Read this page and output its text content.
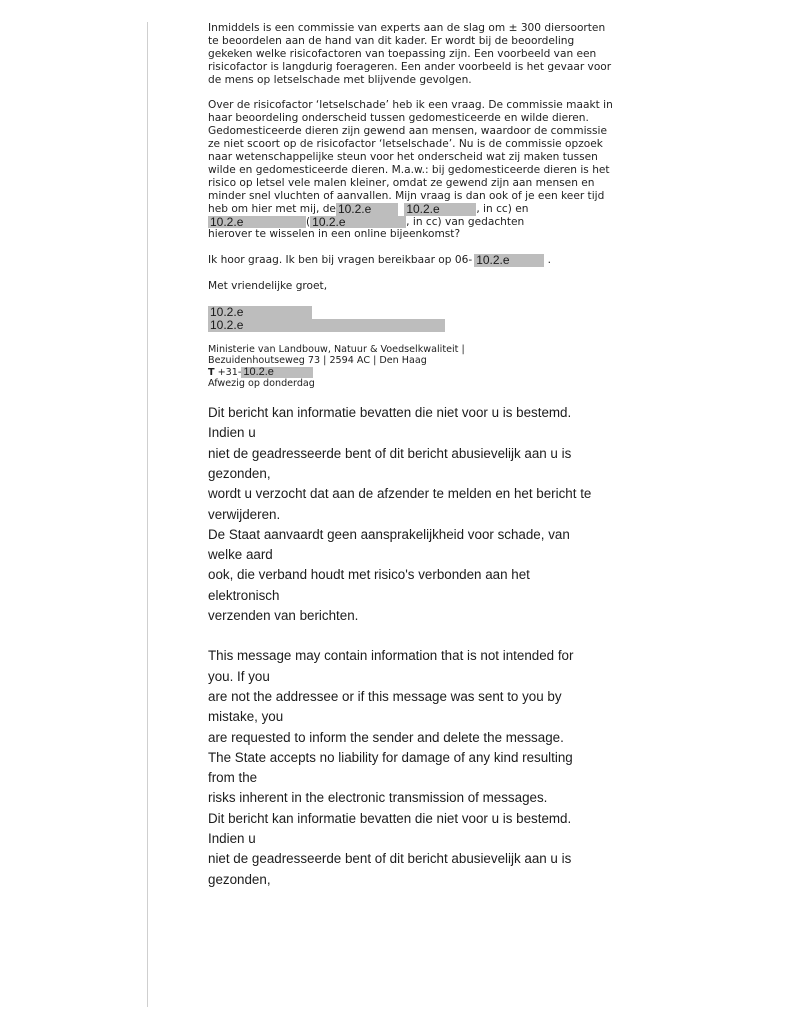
Inmiddels is een commissie van experts aan de slag om ± 300 diersoorten te beoordelen aan de hand van dit kader. Er wordt bij de beoordeling gekeken welke risicofactoren van toepassing zijn. Een voorbeeld van een risicofactor is langdurig foerageren. Een ander voorbeeld is het gevaar voor de mens op letselschade met blijvende gevolgen.

Over de risicofactor ‘letselschade’ heb ik een vraag. De commissie maakt in haar beoordeling onderscheid tussen gedomesticeerde en wilde dieren. Gedomesticeerde dieren zijn gewend aan mensen, waardoor de commissie ze niet scoort op de risicofactor ‘letselschade’. Nu is de commissie opzoek naar wetenschappelijke steun voor het onderscheid wat zij maken tussen wilde en gedomesticeerde dieren. M.a.w.: bij gedomesticeerde dieren is het risico op letsel vele malen kleiner, omdat ze gewend zijn aan mensen en minder snel vluchten of aanvallen. Mijn vraag is dan ook of je een keer tijd heb om hier met mij, de 10.2.e	10.2.e	, in cc) en
10.2.e	( 10.2.e	, in cc) van gedachten
hierover te wisselen in een online bijeenkomst?

Ik hoor graag. Ik ben bij vragen bereikbaar op 06- 10.2.e	.

Met vriendelijke groet,

10.2.e
10.2.e
Ministerie van Landbouw, Natuur & Voedselkwaliteit |
Bezuidenhoutseweg 73 | 2594 AC | Den Haag
T +31- 10.2.e
Afwezig op donderdag
Dit bericht kan informatie bevatten die niet voor u is bestemd.
Indien u
niet de geadresseerde bent of dit bericht abusievelijk aan u is
gezonden,
wordt u verzocht dat aan de afzender te melden en het bericht te
verwijderen.
De Staat aanvaardt geen aansprakelijkheid voor schade, van
welke aard
ook, die verband houdt met risico's verbonden aan het
elektronisch
verzenden van berichten.
This message may contain information that is not intended for
you. If you
are not the addressee or if this message was sent to you by
mistake, you
are requested to inform the sender and delete the message.
The State accepts no liability for damage of any kind resulting
from the
risks inherent in the electronic transmission of messages.
Dit bericht kan informatie bevatten die niet voor u is bestemd.
Indien u
niet de geadresseerde bent of dit bericht abusievelijk aan u is
gezonden,
